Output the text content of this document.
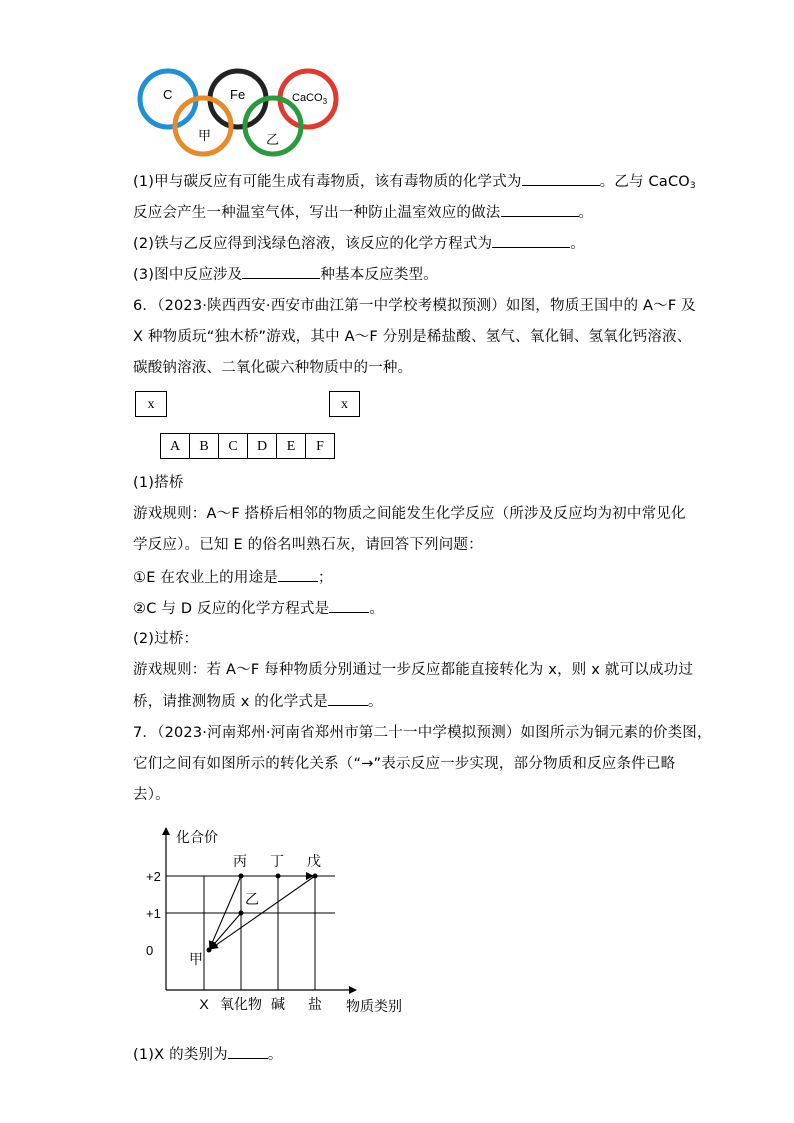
C	Fe	CaCO$_3$
甲	乙
(1)甲与碳反应有可能生成有毒物质，该有毒物质的化学式为	。乙与 CaCO$_3$
反应会产生一种温室气体，写出一种防止温室效应的做法	。
(2)铁与乙反应得到浅绿色溶液，该反应的化学方程式为	。
(3)图中反应涉及	种基本反应类型。
6．（2023·陕西西安·西安市曲江第一中学校考模拟预测）如图，物质王国中的 A～F 及
X 种物质玩“独木桥”游戏，其中 A～F 分别是稀盐酸、氢气、氧化铜、氢氧化钙溶液、
碳酸钠溶液、二氧化碳六种物质中的一种。
x	x
A	B	C	D	E	F
(1)搭桥
游戏规则：A～F 搭桥后相邻的物质之间能发生化学反应（所涉及反应均为初中常见化
学反应）。已知 E 的俗名叫熟石灰，请回答下列问题：
①E 在农业上的用途是	；
②C 与 D 反应的化学方程式是	。
(2)过桥：
游戏规则：若 A～F 每种物质分别通过一步反应都能直接转化为 x，则 x 就可以成功过
桥，请推测物质 x 的化学式是	。
7．（2023·河南郑州·河南省郑州市第二十一中学模拟预测）如图所示为铜元素的价类图，
它们之间有如图所示的转化关系（“→”表示反应一步实现，部分物质和反应条件已略
去）。
化合价
物质类别
+2
+1
0
X 氧化物 碱 盐
甲
乙
丙 丁 戊
(1)X 的类别为	。
